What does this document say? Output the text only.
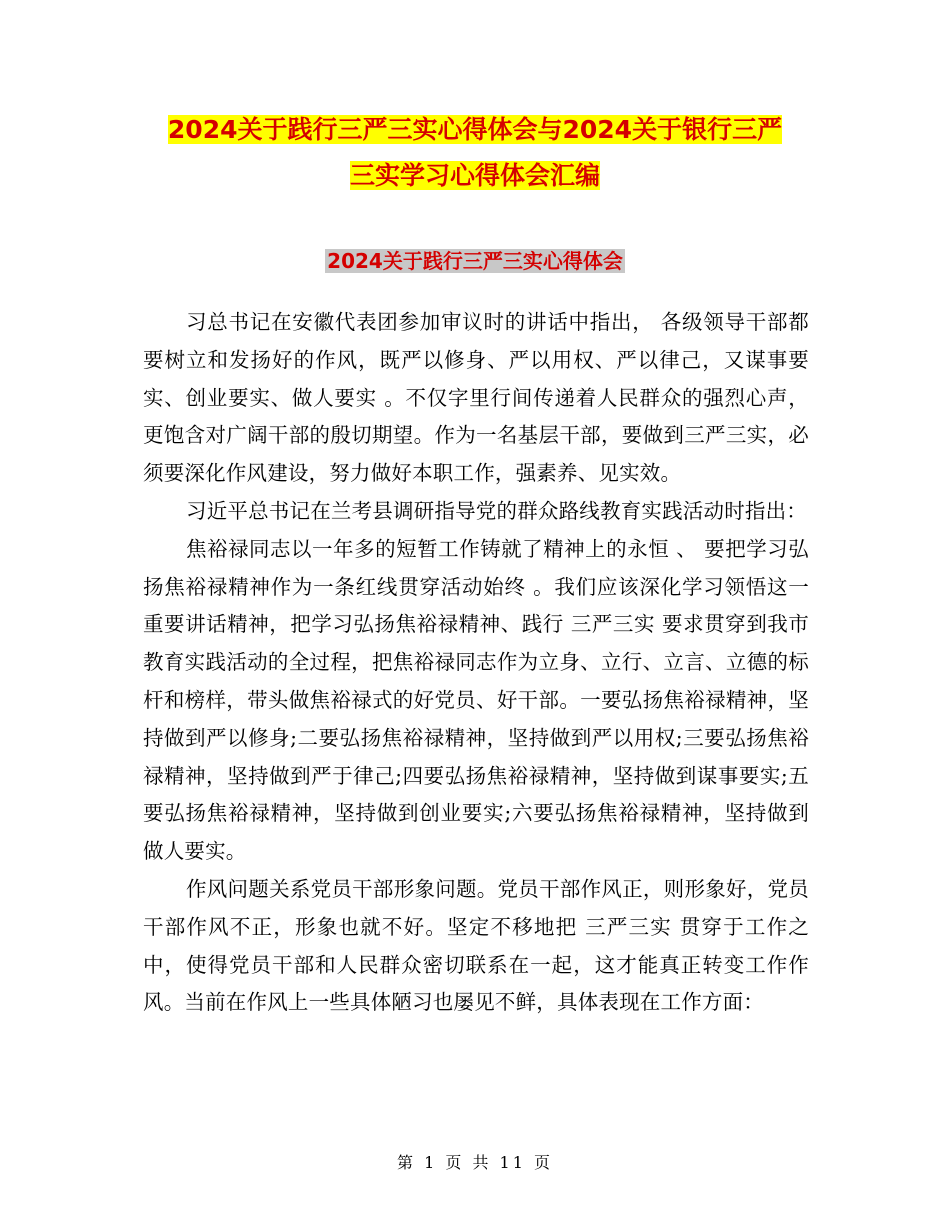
2024关于践行三严三实心得体会与2024关于银行三严
三实学习心得体会汇编
2024关于践行三严三实心得体会

习总书记在安徽代表团参加审议时的讲话中指出， 各级领导干部都要树立和发扬好的作风，既严以修身、严以用权、严以律己，又谋事要实、创业要实、做人要实 。不仅字里行间传递着人民群众的强烈心声，更饱含对广阔干部的殷切期望。作为一名基层干部，要做到三严三实，必须要深化作风建设，努力做好本职工作，强素养、见实效。

习近平总书记在兰考县调研指导党的群众路线教育实践活动时指出：

焦裕禄同志以一年多的短暂工作铸就了精神上的永恒 、 要把学习弘扬焦裕禄精神作为一条红线贯穿活动始终 。我们应该深化学习领悟这一重要讲话精神，把学习弘扬焦裕禄精神、践行 三严三实 要求贯穿到我市教育实践活动的全过程，把焦裕禄同志作为立身、立行、立言、立德的标杆和榜样，带头做焦裕禄式的好党员、好干部。一要弘扬焦裕禄精神，坚持做到严以修身;二要弘扬焦裕禄精神，坚持做到严以用权;三要弘扬焦裕禄精神，坚持做到严于律己;四要弘扬焦裕禄精神，坚持做到谋事要实;五要弘扬焦裕禄精神，坚持做到创业要实;六要弘扬焦裕禄精神，坚持做到做人要实。

作风问题关系党员干部形象问题。党员干部作风正，则形象好，党员干部作风不正，形象也就不好。坚定不移地把 三严三实 贯穿于工作之中，使得党员干部和人民群众密切联系在一起，这才能真正转变工作作风。当前在作风上一些具体陋习也屡见不鲜，具体表现在工作方面：

第 1 页 共 11 页
